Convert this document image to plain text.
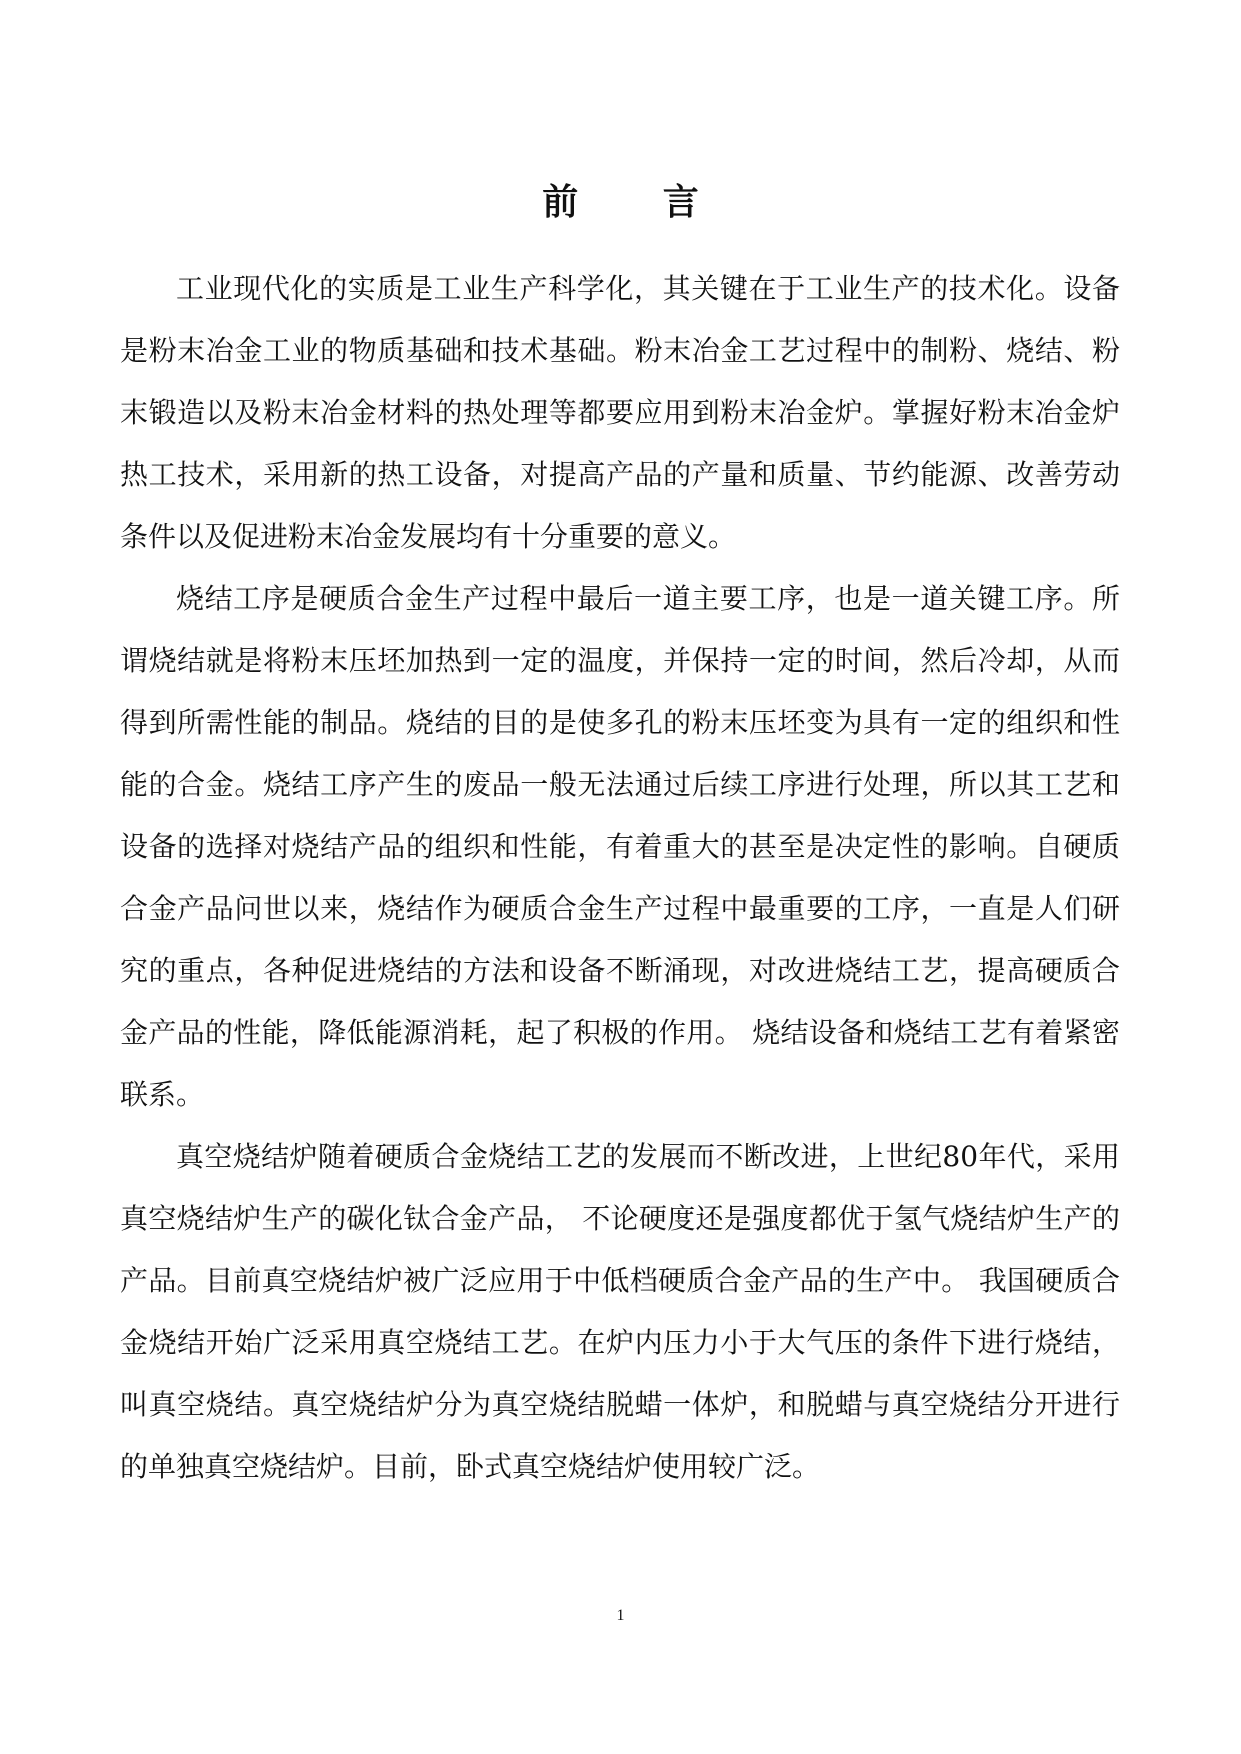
前 言

工业现代化的实质是工业生产科学化，其关键在于工业生产的技术化。设备是粉末冶金工业的物质基础和技术基础。粉末冶金工艺过程中的制粉、烧结、粉末锻造以及粉末冶金材料的热处理等都要应用到粉末冶金炉。掌握好粉末冶金炉热工技术，采用新的热工设备，对提高产品的产量和质量、节约能源、改善劳动条件以及促进粉末冶金发展均有十分重要的意义。

烧结工序是硬质合金生产过程中最后一道主要工序，也是一道关键工序。所谓烧结就是将粉末压坯加热到一定的温度，并保持一定的时间，然后冷却，从而得到所需性能的制品。烧结的目的是使多孔的粉末压坯变为具有一定的组织和性能的合金。烧结工序产生的废品一般无法通过后续工序进行处理，所以其工艺和设备的选择对烧结产品的组织和性能，有着重大的甚至是决定性的影响。自硬质合金产品问世以来，烧结作为硬质合金生产过程中最重要的工序，一直是人们研究的重点，各种促进烧结的方法和设备不断涌现，对改进烧结工艺，提高硬质合金产品的性能，降低能源消耗，起了积极的作用。 烧结设备和烧结工艺有着紧密联系。

真空烧结炉随着硬质合金烧结工艺的发展而不断改进，上世纪80年代，采用真空烧结炉生产的碳化钛合金产品， 不论硬度还是强度都优于氢气烧结炉生产的产品。目前真空烧结炉被广泛应用于中低档硬质合金产品的生产中。 我国硬质合金烧结开始广泛采用真空烧结工艺。在炉内压力小于大气压的条件下进行烧结，叫真空烧结。真空烧结炉分为真空烧结脱蜡一体炉，和脱蜡与真空烧结分开进行的单独真空烧结炉。目前，卧式真空烧结炉使用较广泛。

1
